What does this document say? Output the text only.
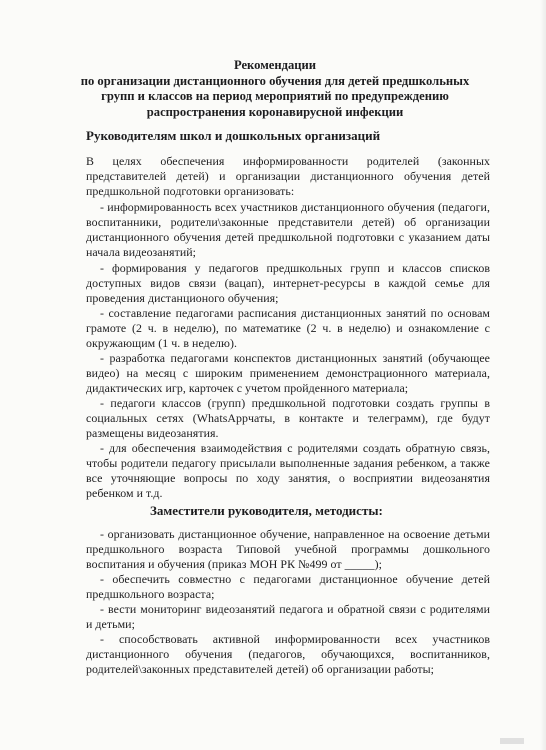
Рекомендации
по организации дистанционного обучения для детей предшкольных
групп и классов на период мероприятий по предупреждению
распространения коронавирусной инфекции
Руководителям школ и дошкольных организаций
В целях обеспечения информированности родителей (законных представителей детей) и организации дистанционного обучения детей предшкольной подготовки организовать:
- информированность всех участников дистанционного обучения (педагоги, воспитанники, родители\законные представители детей) об организации дистанционного обучения детей предшкольной подготовки с указанием даты начала видеозанятий;
- формирования у педагогов предшкольных групп и классов списков доступных видов связи (вацап), интернет-ресурсы в каждой семье для проведения дистанционого обучения;
- составление педагогами расписания дистанционных занятий по основам грамоте (2 ч. в неделю), по математике (2 ч. в неделю) и ознакомление с окружающим (1 ч. в неделю).
- разработка педагогами конспектов дистанционных занятий (обучающее видео) на месяц с широким применением демонстрационного материала, дидактических игр, карточек с учетом пройденного материала;
- педагоги классов (групп) предшкольной подготовки создать группы в социальных сетях (WhatsAppчаты, в контакте и телеграмм), где будут размещены видеозанятия.
- для обеспечения взаимодействия с родителями создать обратную связь, чтобы родители педагогу присылали выполненные задания ребенком, а также все уточняющие вопросы по ходу занятия, о восприятии видеозанятия ребенком и т.д.
Заместители руководителя, методисты:
- организовать дистанционное обучение, направленное на освоение детьми предшкольного возраста Типовой учебной программы дошкольного воспитания и обучения (приказ МОН РК №499 от _____);
- обеспечить совместно с педагогами дистанционное обучение детей предшкольного возраста;
- вести мониторинг видеозанятий педагога и обратной связи с родителями и детьми;
- способствовать активной информированности всех участников дистанционного обучения (педагогов, обучающихся, воспитанников, родителей\законных представителей детей) об организации работы;
